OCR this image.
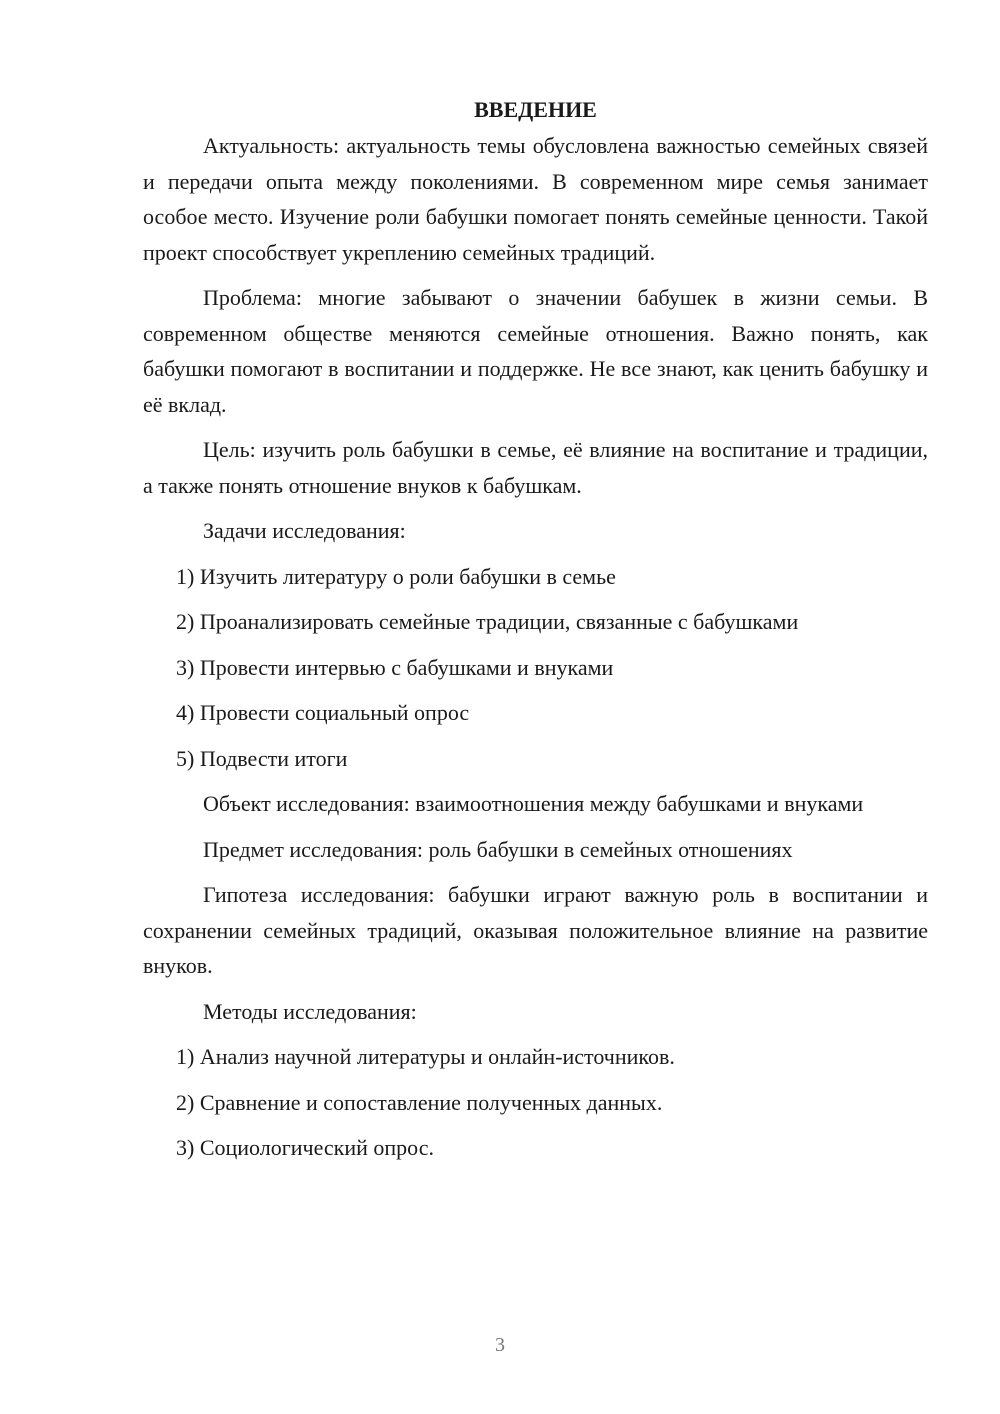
ВВЕДЕНИЕ

Актуальность: актуальность темы обусловлена важностью семейных связей и передачи опыта между поколениями. В современном мире семья занимает особое место. Изучение роли бабушки помогает понять семейные ценности. Такой проект способствует укреплению семейных традиций.

Проблема: многие забывают о значении бабушек в жизни семьи. В современном обществе меняются семейные отношения. Важно понять, как бабушки помогают в воспитании и поддержке. Не все знают, как ценить бабушку и её вклад.

Цель: изучить роль бабушки в семье, её влияние на воспитание и традиции, а также понять отношение внуков к бабушкам.

Задачи исследования:

1) Изучить литературу о роли бабушки в семье

2) Проанализировать семейные традиции, связанные с бабушками

3) Провести интервью с бабушками и внуками

4) Провести социальный опрос

5) Подвести итоги

Объект исследования: взаимоотношения между бабушками и внуками

Предмет исследования: роль бабушки в семейных отношениях

Гипотеза исследования: бабушки играют важную роль в воспитании и сохранении семейных традиций, оказывая положительное влияние на развитие внуков.

Методы исследования:

1) Анализ научной литературы и онлайн-источников.

2) Сравнение и сопоставление полученных данных.

3) Социологический опрос.

3
